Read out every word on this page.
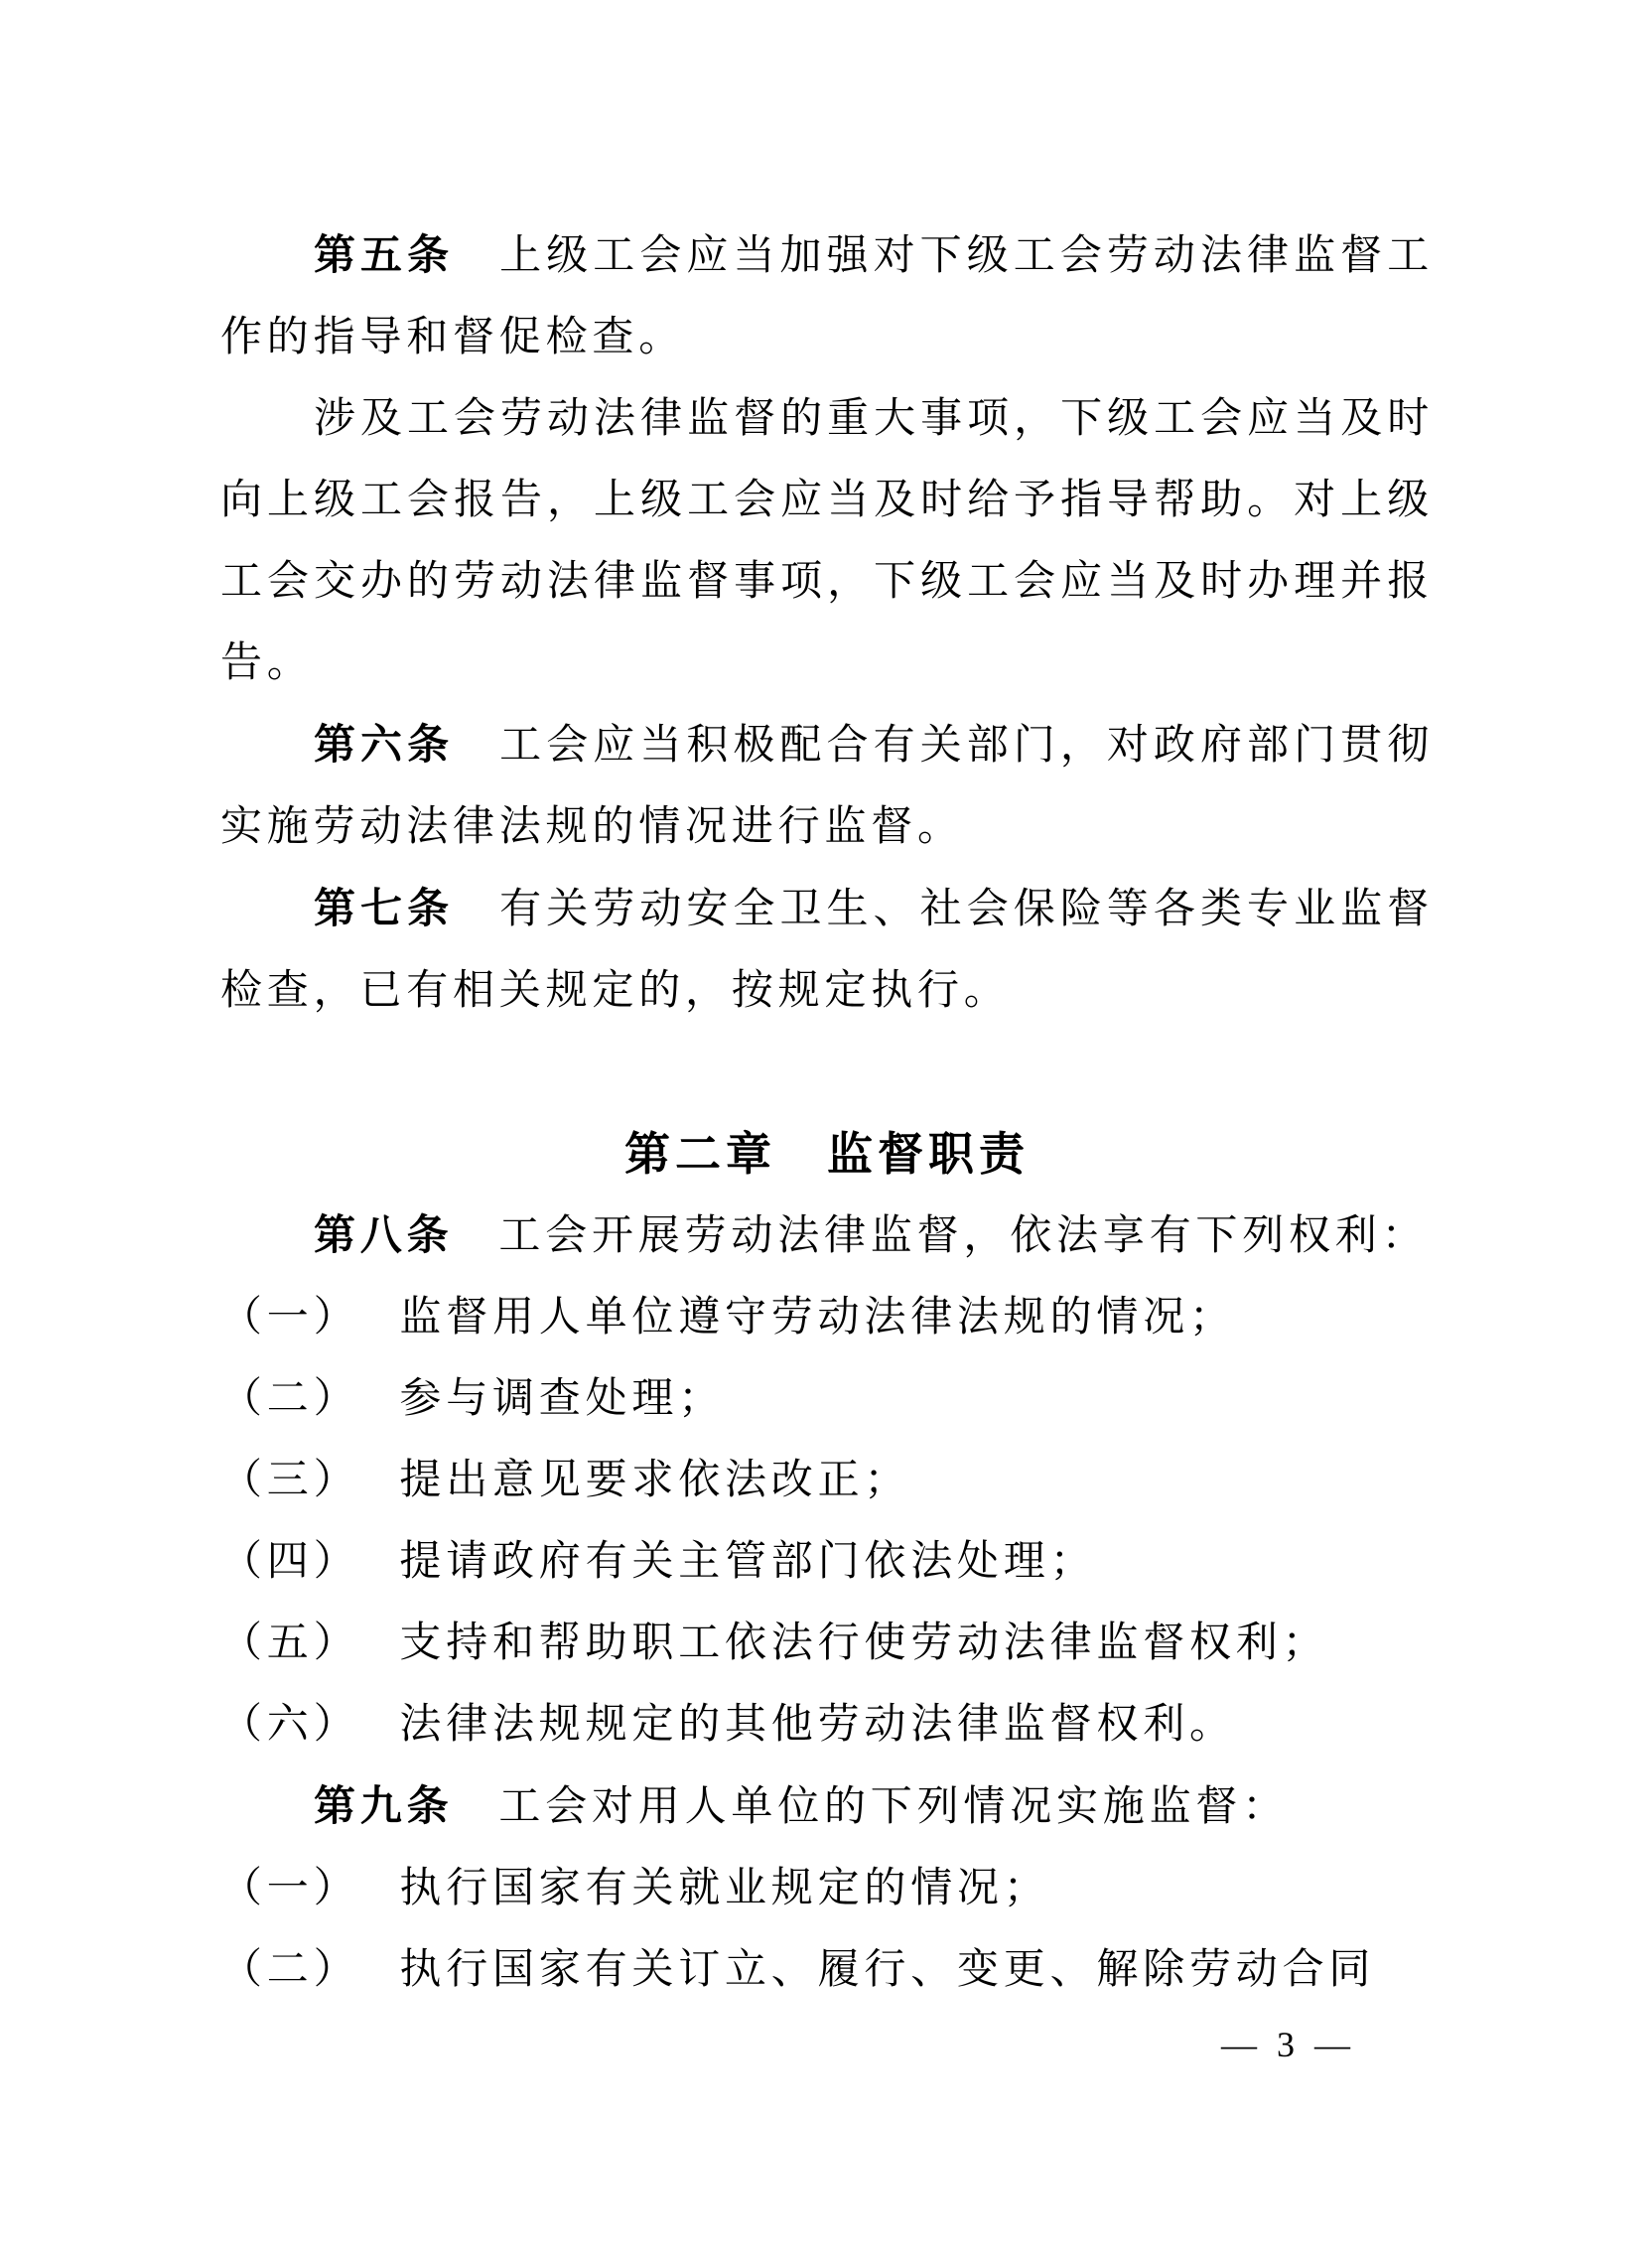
第五条 上级工会应当加强对下级工会劳动法律监督工作的指导和督促检查。

涉及工会劳动法律监督的重大事项，下级工会应当及时向上级工会报告，上级工会应当及时给予指导帮助。对上级工会交办的劳动法律监督事项，下级工会应当及时办理并报告。

第六条 工会应当积极配合有关部门，对政府部门贯彻实施劳动法律法规的情况进行监督。

第七条 有关劳动安全卫生、社会保险等各类专业监督检查，已有相关规定的，按规定执行。

第二章　监督职责

第八条 工会开展劳动法律监督，依法享有下列权利：

（一） 监督用人单位遵守劳动法律法规的情况；

（二） 参与调查处理；

（三） 提出意见要求依法改正；

（四） 提请政府有关主管部门依法处理；

（五） 支持和帮助职工依法行使劳动法律监督权利；

（六） 法律法规规定的其他劳动法律监督权利。

第九条 工会对用人单位的下列情况实施监督：

（一） 执行国家有关就业规定的情况；

（二） 执行国家有关订立、履行、变更、解除劳动合同

— 3 —
